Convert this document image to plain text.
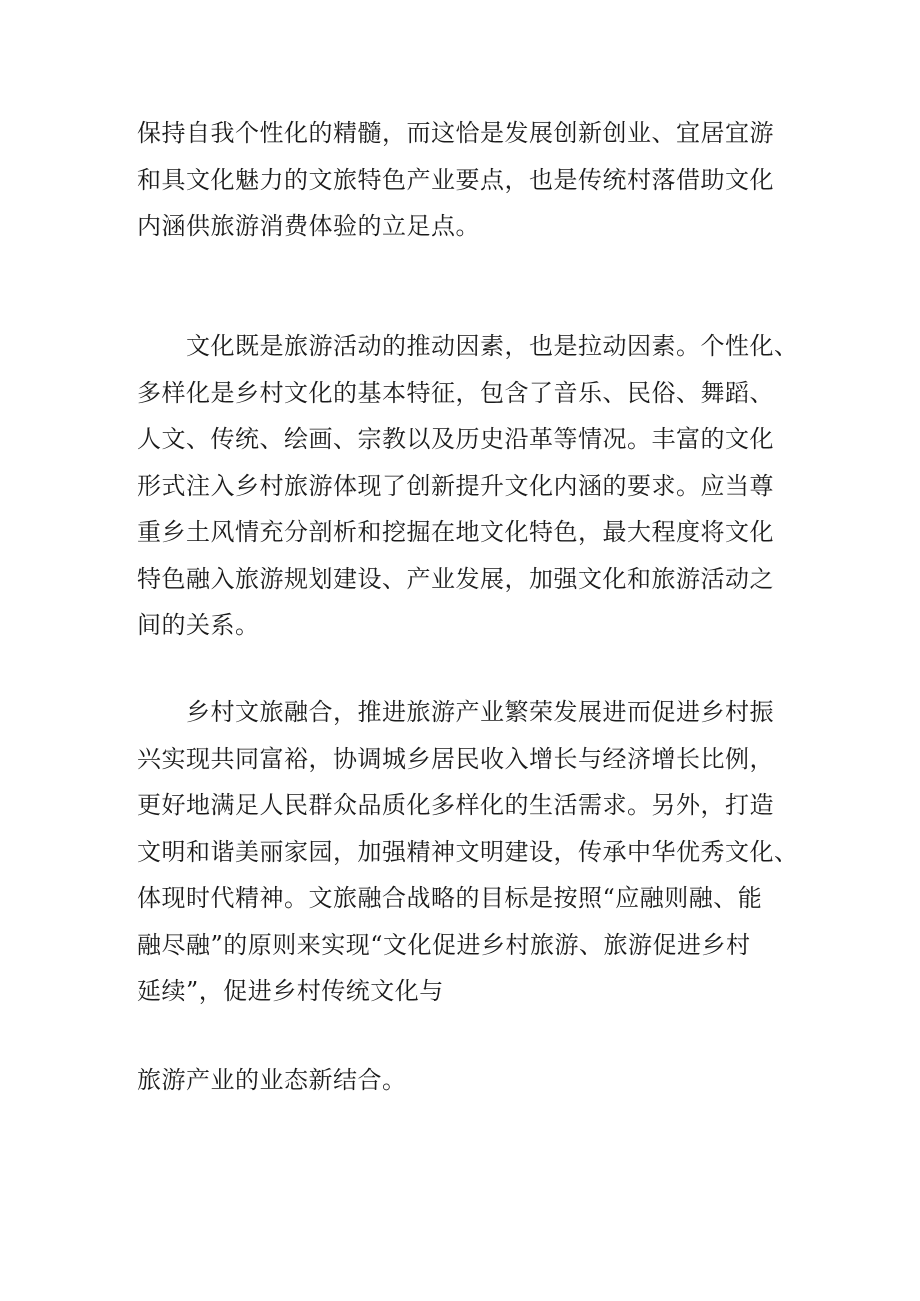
保持自我个性化的精髓，而这恰是发展创新创业、宜居宜游
和具文化魅力的文旅特色产业要点，也是传统村落借助文化
内涵供旅游消费体验的立足点。

　　文化既是旅游活动的推动因素，也是拉动因素。个性化、
多样化是乡村文化的基本特征，包含了音乐、民俗、舞蹈、
人文、传统、绘画、宗教以及历史沿革等情况。丰富的文化
形式注入乡村旅游体现了创新提升文化内涵的要求。应当尊
重乡土风情充分剖析和挖掘在地文化特色，最大程度将文化
特色融入旅游规划建设、产业发展，加强文化和旅游活动之
间的关系。

　　乡村文旅融合，推进旅游产业繁荣发展进而促进乡村振
兴实现共同富裕，协调城乡居民收入增长与经济增长比例，
更好地满足人民群众品质化多样化的生活需求。另外，打造
文明和谐美丽家园，加强精神文明建设，传承中华优秀文化、
体现时代精神。文旅融合战略的目标是按照“应融则融、能
融尽融”的原则来实现“文化促进乡村旅游、旅游促进乡村
延续”，促进乡村传统文化与

旅游产业的业态新结合。
